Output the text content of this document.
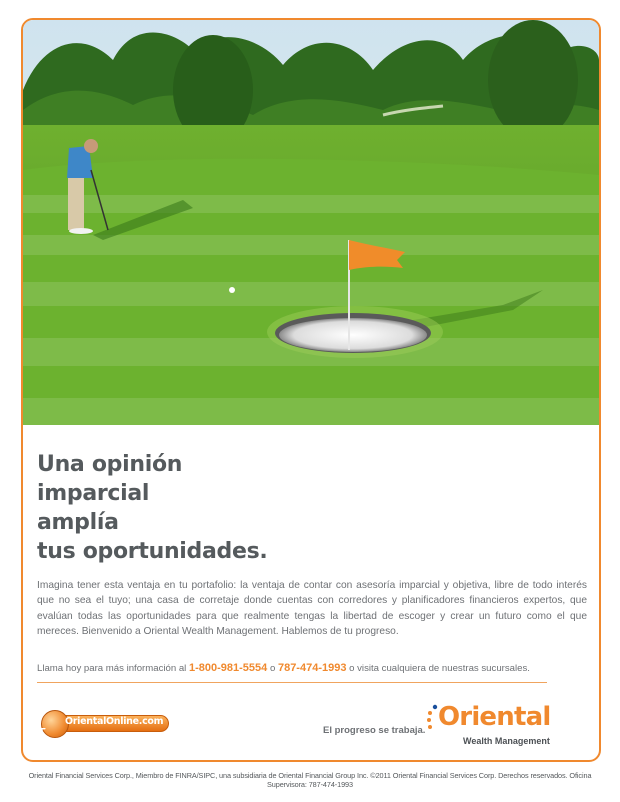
Una opinión
imparcial
amplía
tus oportunidades.

Imagina tener esta ventaja en tu portafolio: la ventaja de contar con asesoría imparcial y objetiva, libre de todo interés que no sea el tuyo; una casa de corretaje donde cuentas con corredores y planificadores financieros expertos, que evalúan todas las oportunidades para que realmente tengas la libertad de escoger y crear un futuro como el que mereces. Bienvenido a Oriental Wealth Management. Hablemos de tu progreso.

Llama hoy para más información al 1-800-981-5554 o 787-474-1993 o visita cualquiera de nuestras sucursales.
☛
OrientalOnline.com
El progreso se trabaja. Oriental
Wealth Management
Oriental Financial Services Corp., Miembro de FINRA/SIPC, una subsidiaria de Oriental Financial Group Inc. ©2011 Oriental Financial Services Corp. Derechos reservados. Oficina Supervisora: 787-474-1993
